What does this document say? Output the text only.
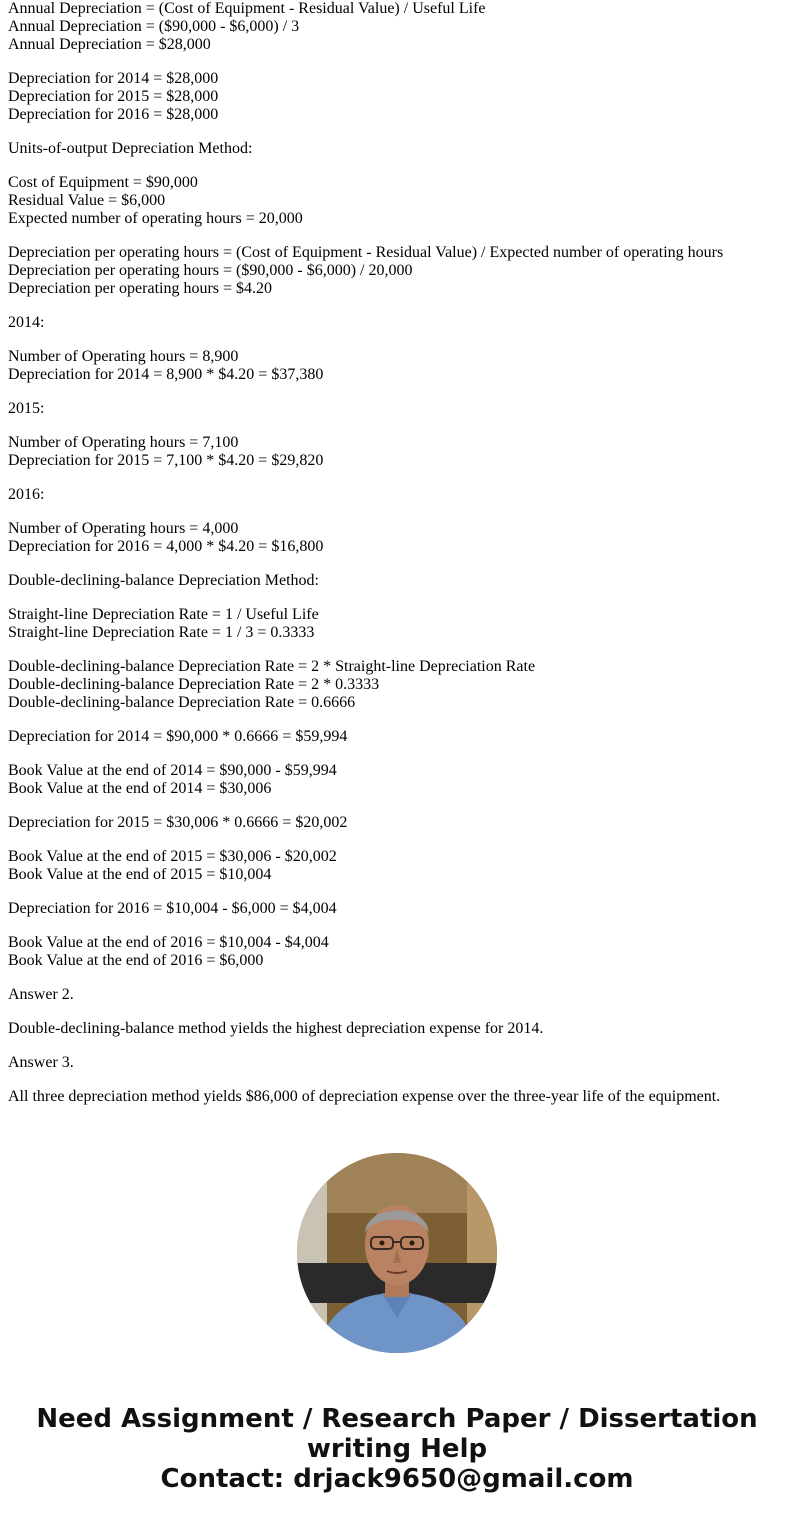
Annual Depreciation = (Cost of Equipment - Residual Value) / Useful Life
Annual Depreciation = ($90,000 - $6,000) / 3
Annual Depreciation = $28,000
Depreciation for 2014 = $28,000
Depreciation for 2015 = $28,000
Depreciation for 2016 = $28,000
Units-of-output Depreciation Method:
Cost of Equipment = $90,000
Residual Value = $6,000
Expected number of operating hours = 20,000
Depreciation per operating hours = (Cost of Equipment - Residual Value) / Expected number of operating hours
Depreciation per operating hours = ($90,000 - $6,000) / 20,000
Depreciation per operating hours = $4.20
2014:
Number of Operating hours = 8,900
Depreciation for 2014 = 8,900 * $4.20 = $37,380
2015:
Number of Operating hours = 7,100
Depreciation for 2015 = 7,100 * $4.20 = $29,820
2016:
Number of Operating hours = 4,000
Depreciation for 2016 = 4,000 * $4.20 = $16,800
Double-declining-balance Depreciation Method:
Straight-line Depreciation Rate = 1 / Useful Life
Straight-line Depreciation Rate = 1 / 3 = 0.3333
Double-declining-balance Depreciation Rate = 2 * Straight-line Depreciation Rate
Double-declining-balance Depreciation Rate = 2 * 0.3333
Double-declining-balance Depreciation Rate = 0.6666
Depreciation for 2014 = $90,000 * 0.6666 = $59,994
Book Value at the end of 2014 = $90,000 - $59,994
Book Value at the end of 2014 = $30,006
Depreciation for 2015 = $30,006 * 0.6666 = $20,002
Book Value at the end of 2015 = $30,006 - $20,002
Book Value at the end of 2015 = $10,004
Depreciation for 2016 = $10,004 - $6,000 = $4,004
Book Value at the end of 2016 = $10,004 - $4,004
Book Value at the end of 2016 = $6,000
Answer 2.
Double-declining-balance method yields the highest depreciation expense for 2014.
Answer 3.
All three depreciation method yields $86,000 of depreciation expense over the three-year life of the equipment.
Need Assignment / Research Paper / Dissertation
writing Help
Contact: drjack9650@gmail.com
